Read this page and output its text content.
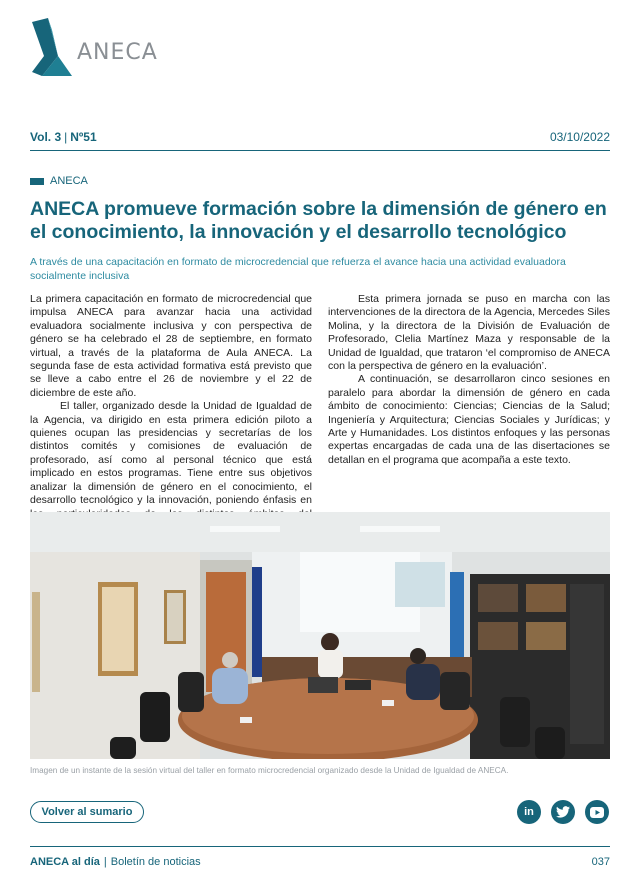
ANECA
Vol. 3 | Nº51	03/10/2022
ANECA
ANECA promueve formación sobre la dimensión de género en el conocimiento, la innovación y el desarrollo tecnológico
A través de una capacitación en formato de microcredencial que refuerza el avance hacia una actividad evaluadora socialmente inclusiva

La primera capacitación en formato de microcredencial que impulsa ANECA para avanzar hacia una actividad evaluadora socialmente inclusiva y con perspectiva de género se ha celebrado el 28 de septiembre, en formato virtual, a través de la plataforma de Aula ANECA. La segunda fase de esta actividad formativa está previsto que se lleve a cabo entre el 26 de noviembre y el 22 de diciembre de este año.

El taller, organizado desde la Unidad de Igualdad de la Agencia, va dirigido en esta primera edición piloto a quienes ocupan las presidencias y secretarías de los distintos comités y comisiones de evaluación de profesorado, así como al personal técnico que está implicado en estos programas. Tiene entre sus objetivos analizar la dimensión de género en el conocimiento, el desarrollo tecnológico y la innovación, poniendo énfasis en

Esta primera jornada se puso en marcha con las intervenciones de la directora de la Agencia, Mercedes Siles Molina, y la directora de la División de Evaluación de Profesorado, Clelia Martínez Maza y responsable de la Unidad de Igualdad, que trataron ‘el compromiso de ANECA con la perspectiva de género en la evaluación’.

A continuación, se desarrollaron cinco sesiones en paralelo para abordar la dimensión de género en cada ámbito de conocimiento: Ciencias; Ciencias de la Salud; Ingeniería y Arquitectura; Ciencias Sociales y Jurídicas; y Arte y Humanidades. Los distintos enfoques y las personas expertas encargadas de cada una de las disertaciones se detallan en el programa que acompaña a este texto.

Imagen de un instante de la sesión virtual del taller en formato microcredencial organizado desde la Unidad de Igualdad de ANECA.
Volver al sumario	in
ANECA al día | Boletín de noticias	037
